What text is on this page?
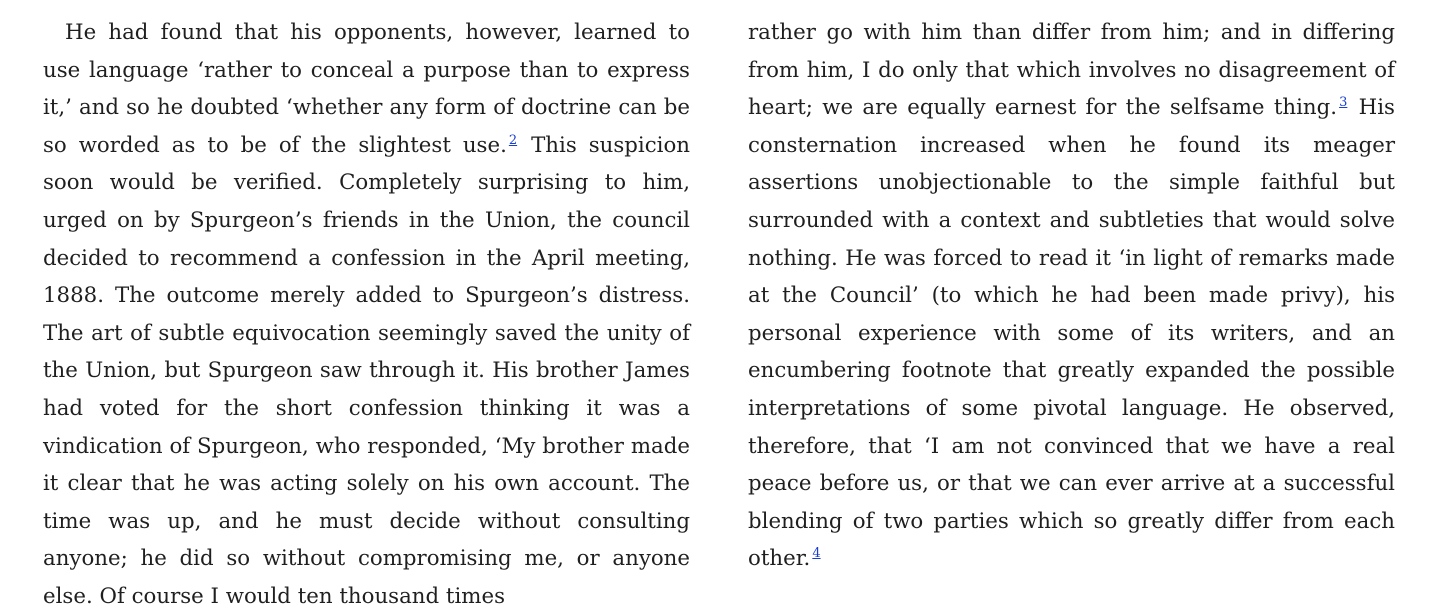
He had found that his opponents, however, learned to use language ‘rather to conceal a purpose than to express it,’ and so he doubted ‘whether any form of doctrine can be so worded as to be of the slightest use. $^2$ This suspicion soon would be verified. Completely surprising to him, urged on by Spurgeon’s friends in the Union, the council decided to recommend a confession in the April meeting, 1888. The outcome merely added to Spurgeon’s distress. The art of subtle equivocation seemingly saved the unity of the Union, but Spurgeon saw through it. His brother James had voted for the short confession thinking it was a vindication of Spurgeon, who responded, ‘My brother made it clear that he was acting solely on his own account. The time was up, and he must decide without consulting anyone; he did so without compromising me, or anyone else. Of course I would ten thousand times

rather go with him than differ from him; and in differing from him, I do only that which involves no disagreement of heart; we are equally earnest for the selfsame thing. $^3$ His consternation increased when he found its meager assertions unobjectionable to the simple faithful but surrounded with a context and subtleties that would solve nothing. He was forced to read it ‘in light of remarks made at the Council’ (to which he had been made privy), his personal experience with some of its writers, and an encumbering footnote that greatly expanded the possible interpretations of some pivotal language. He observed, therefore, that ‘I am not convinced that we have a real peace before us, or that we can ever arrive at a successful blending of two parties which so greatly differ from each other. $^4$
